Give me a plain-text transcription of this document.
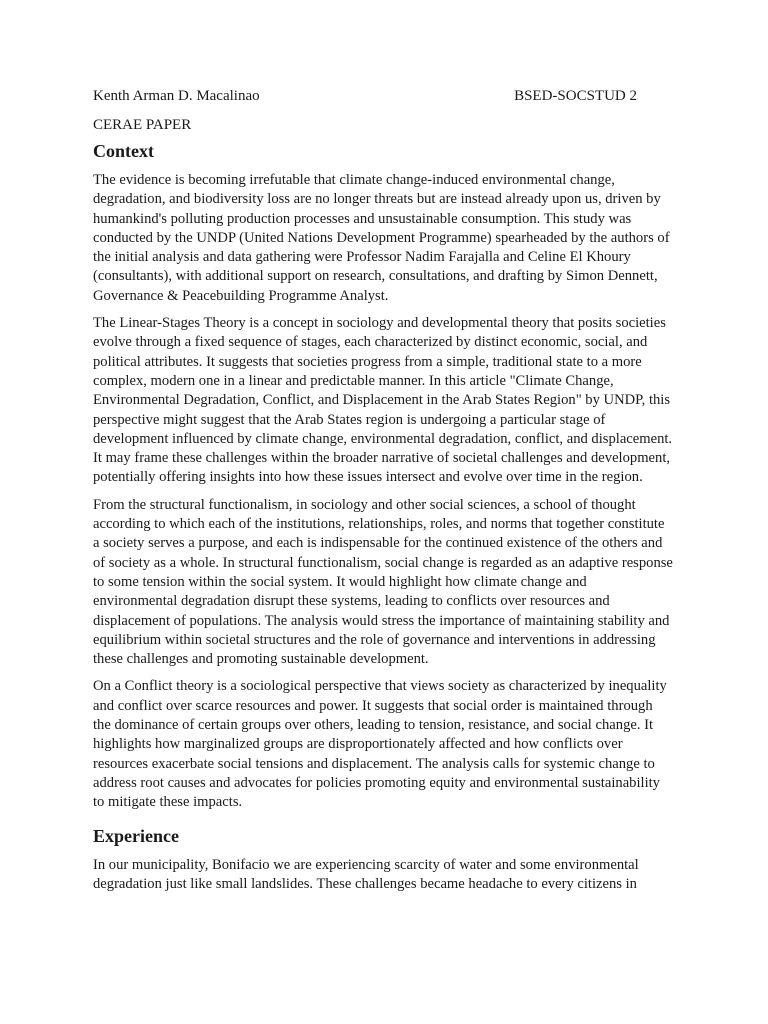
Kenth Arman D. Macalinao	BSED-SOCSTUD 2
CERAE PAPER
Context

The evidence is becoming irrefutable that climate change-induced environmental change, degradation, and biodiversity loss are no longer threats but are instead already upon us, driven by humankind's polluting production processes and unsustainable consumption. This study was conducted by the UNDP (United Nations Development Programme) spearheaded by the authors of the initial analysis and data gathering were Professor Nadim Farajalla and Celine El Khoury (consultants), with additional support on research, consultations, and drafting by Simon Dennett, Governance & Peacebuilding Programme Analyst.

The Linear-Stages Theory is a concept in sociology and developmental theory that posits societies evolve through a fixed sequence of stages, each characterized by distinct economic, social, and political attributes. It suggests that societies progress from a simple, traditional state to a more complex, modern one in a linear and predictable manner. In this article "Climate Change, Environmental Degradation, Conflict, and Displacement in the Arab States Region" by UNDP, this perspective might suggest that the Arab States region is undergoing a particular stage of development influenced by climate change, environmental degradation, conflict, and displacement. It may frame these challenges within the broader narrative of societal challenges and development, potentially offering insights into how these issues intersect and evolve over time in the region.

From the structural functionalism, in sociology and other social sciences, a school of thought according to which each of the institutions, relationships, roles, and norms that together constitute a society serves a purpose, and each is indispensable for the continued existence of the others and of society as a whole. In structural functionalism, social change is regarded as an adaptive response to some tension within the social system. It would highlight how climate change and environmental degradation disrupt these systems, leading to conflicts over resources and displacement of populations. The analysis would stress the importance of maintaining stability and equilibrium within societal structures and the role of governance and interventions in addressing these challenges and promoting sustainable development.

On a Conflict theory is a sociological perspective that views society as characterized by inequality and conflict over scarce resources and power. It suggests that social order is maintained through the dominance of certain groups over others, leading to tension, resistance, and social change. It highlights how marginalized groups are disproportionately affected and how conflicts over resources exacerbate social tensions and displacement. The analysis calls for systemic change to address root causes and advocates for policies promoting equity and environmental sustainability to mitigate these impacts.

Experience

In our municipality, Bonifacio we are experiencing scarcity of water and some environmental degradation just like small landslides. These challenges became headache to every citizens in
